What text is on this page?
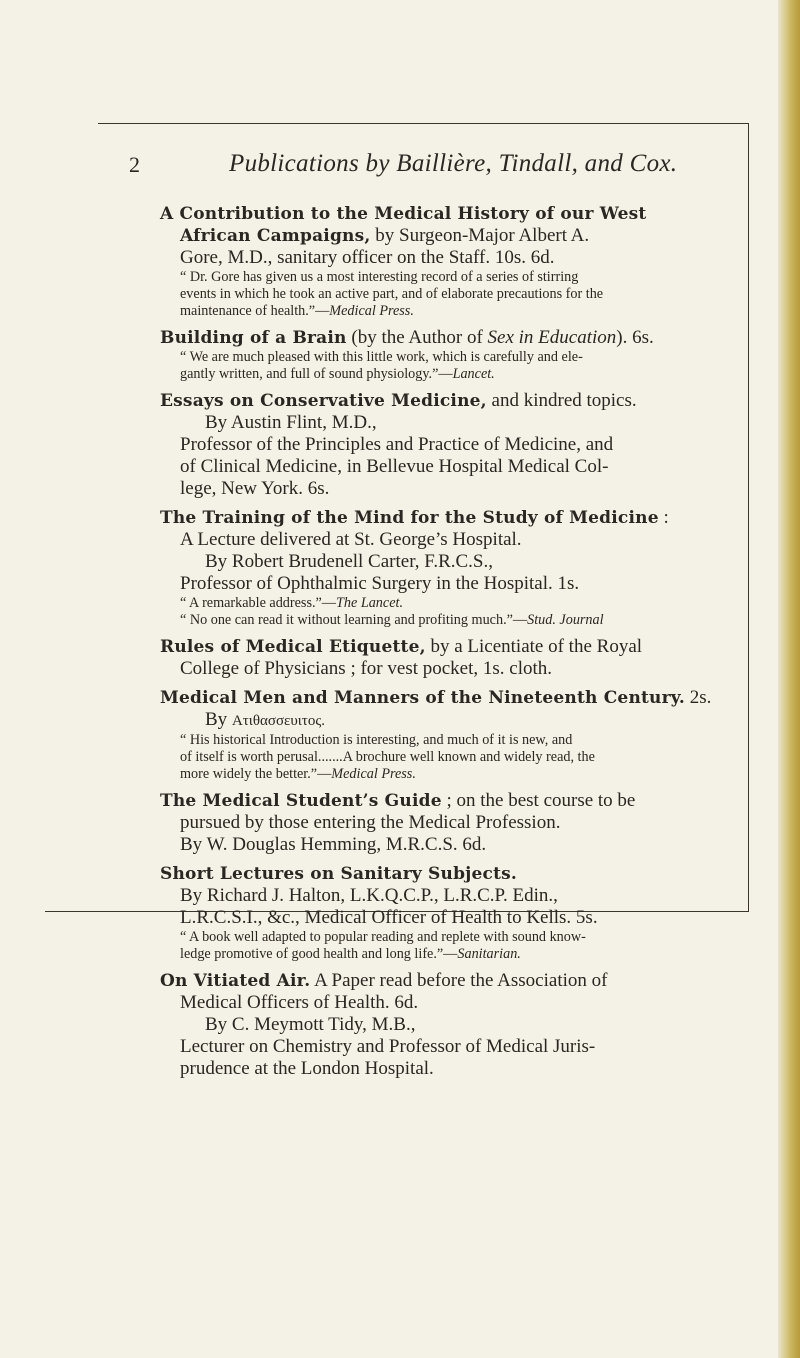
2	Publications by Baillière, Tindall, and Cox.

A Contribution to the Medical History of our West

African Campaigns, by Surgeon-Major Albert A.

Gore, M.D., sanitary officer on the Staff. 10s. 6d.

“ Dr. Gore has given us a most interesting record of a series of stirring

events in which he took an active part, and of elaborate precautions for the

maintenance of health.”—Medical Press.

Building of a Brain (by the Author of Sex in Education). 6s.

“ We are much pleased with this little work, which is carefully and ele-

gantly written, and full of sound physiology.”—Lancet.

Essays on Conservative Medicine, and kindred topics.

By Austin Flint, M.D.,

Professor of the Principles and Practice of Medicine, and

of Clinical Medicine, in Bellevue Hospital Medical Col-

lege, New York. 6s.

The Training of the Mind for the Study of Medicine :

A Lecture delivered at St. George’s Hospital.

By Robert Brudenell Carter, F.R.C.S.,

Professor of Ophthalmic Surgery in the Hospital. 1s.

“ A remarkable address.”—The Lancet.

“ No one can read it without learning and profiting much.”—Stud. Journal

Rules of Medical Etiquette, by a Licentiate of the Royal

College of Physicians ; for vest pocket, 1s. cloth.

Medical Men and Manners of the Nineteenth Century. 2s.

By Ατιθασσευιτος.

“ His historical Introduction is interesting, and much of it is new, and

of itself is worth perusal.......A brochure well known and widely read, the

more widely the better.”—Medical Press.

The Medical Student’s Guide ; on the best course to be

pursued by those entering the Medical Profession.

By W. Douglas Hemming, M.R.C.S. 6d.

Short Lectures on Sanitary Subjects.

By Richard J. Halton, L.K.Q.C.P., L.R.C.P. Edin.,

L.R.C.S.I., &c., Medical Officer of Health to Kells. 5s.

“ A book well adapted to popular reading and replete with sound know-

ledge promotive of good health and long life.”—Sanitarian.

On Vitiated Air. A Paper read before the Association of

Medical Officers of Health. 6d.

By C. Meymott Tidy, M.B.,

Lecturer on Chemistry and Professor of Medical Juris-

prudence at the London Hospital.
